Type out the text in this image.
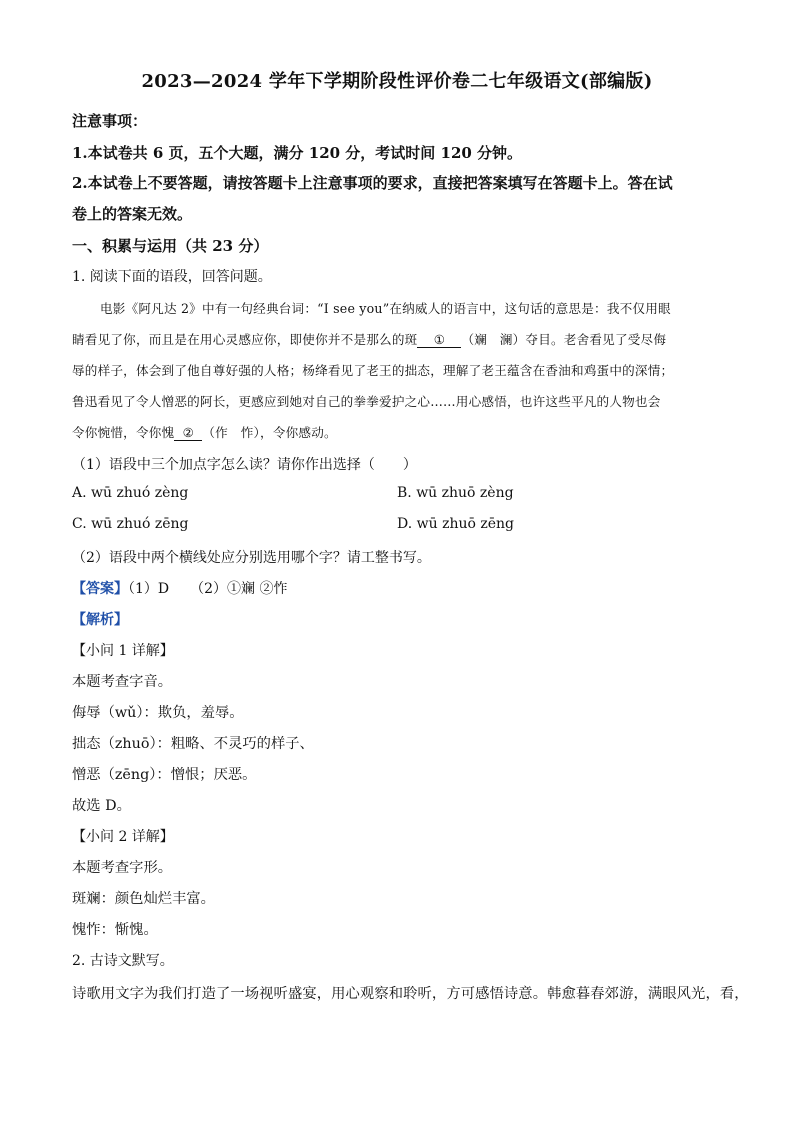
2023—2024 学年下学期阶段性评价卷二七年级语文(部编版)
注意事项：
1.本试卷共 6 页，五个大题，满分 120 分，考试时间 120 分钟。
2.本试卷上不要答题，请按答题卡上注意事项的要求，直接把答案填写在答题卡上。答在试
卷上的答案无效。
一、积累与运用（共 23 分）
1. 阅读下面的语段，回答问题。
电影《阿凡达 2》中有一句经典台词：“I see you”在纳威人的语言中，这句话的意思是：我不仅用眼
睛看见了你，而且是在用心灵感应你，即使你并不是那么的斑 ① （斓　澜）夺目。老舍看见了受尽侮
辱的样子，体会到了他自尊好强的人格；杨绛看见了老王的拙态，理解了老王蕴含在香油和鸡蛋中的深情；
鲁迅看见了令人憎恶的阿长，更感应到她对自己的拳拳爱护之心……用心感悟，也许这些平凡的人物也会
令你惋惜，令你愧 ② （作　怍），令你感动。
（1）语段中三个加点字怎么读？请你作出选择（　　）
A. wū zhuó zèng	B. wū zhuō zèng
C. wū zhuó zēng	D. wū zhuō zēng
（2）语段中两个横线处应分别选用哪个字？请工整书写。
【答案】（1）D　　（2）①斓 ②怍
【解析】
【小问 1 详解】
本题考查字音。
侮辱（wǔ）：欺负，羞辱。
拙态（zhuō）：粗略、不灵巧的样子、
憎恶（zēng）：憎恨；厌恶。
故选 D。
【小问 2 详解】
本题考查字形。
斑斓：颜色灿烂丰富。
愧怍：惭愧。
2. 古诗文默写。
诗歌用文字为我们打造了一场视听盛宴，用心观察和聆听，方可感悟诗意。韩愈暮春郊游，满眼风光，看，
